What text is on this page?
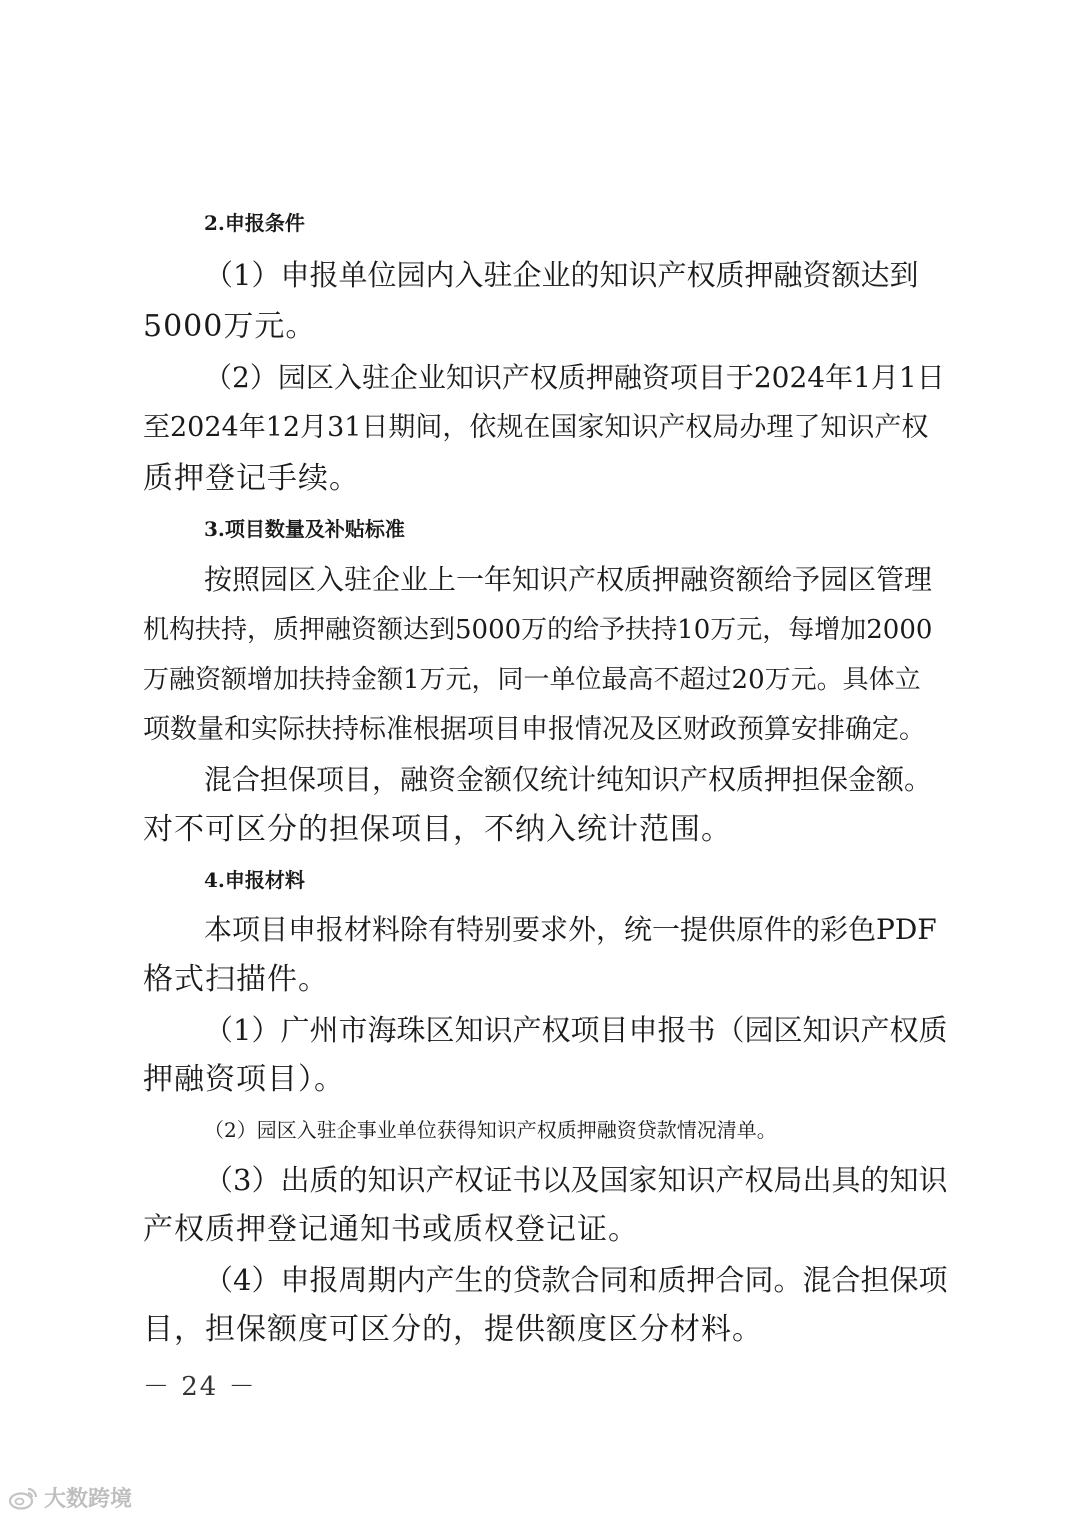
2.申报条件
（1）申报单位园内入驻企业的知识产权质押融资额达到
5000万元。
（2）园区入驻企业知识产权质押融资项目于2024年1月1日
至2024年12月31日期间，依规在国家知识产权局办理了知识产权
质押登记手续。
3.项目数量及补贴标准
按照园区入驻企业上一年知识产权质押融资额给予园区管理
机构扶持，质押融资额达到5000万的给予扶持10万元，每增加2000
万融资额增加扶持金额1万元，同一单位最高不超过20万元。具体立
项数量和实际扶持标准根据项目申报情况及区财政预算安排确定。
混合担保项目，融资金额仅统计纯知识产权质押担保金额。
对不可区分的担保项目，不纳入统计范围。
4.申报材料
本项目申报材料除有特别要求外，统一提供原件的彩色PDF
格式扫描件。
（1）广州市海珠区知识产权项目申报书（园区知识产权质
押融资项目）。
（2）园区入驻企事业单位获得知识产权质押融资贷款情况清单。
（3）出质的知识产权证书以及国家知识产权局出具的知识
产权质押登记通知书或质权登记证。
（4）申报周期内产生的贷款合同和质押合同。混合担保项
目，担保额度可区分的，提供额度区分材料。
－ 24 －
大数跨境
